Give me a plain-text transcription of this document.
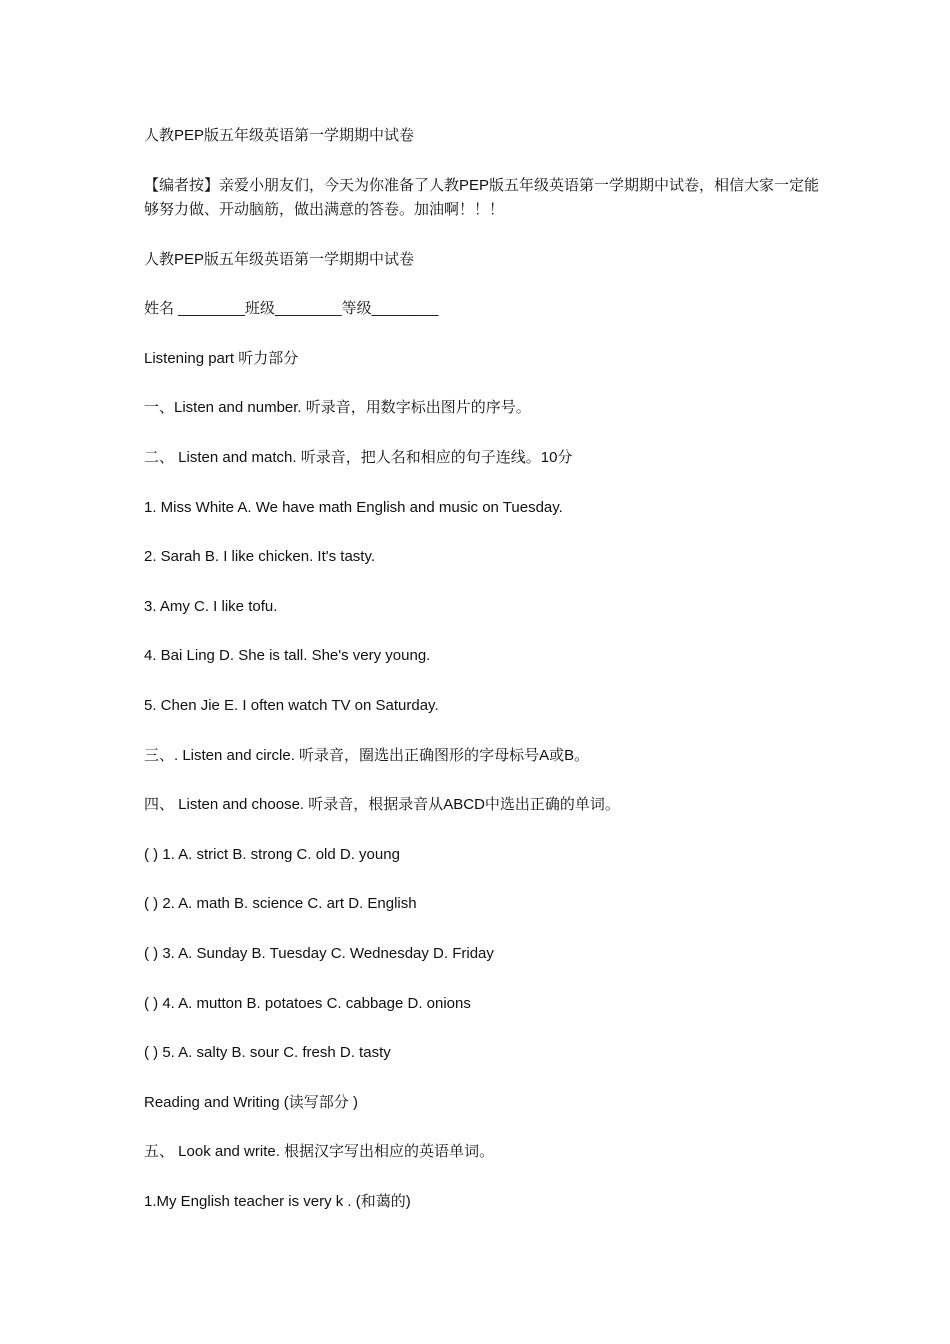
人教PEP版五年级英语第一学期期中试卷

【编者按】亲爱小朋友们，今天为你准备了人教PEP版五年级英语第一学期期中试卷，相信大家一定能够努力做、开动脑筋，做出满意的答卷。加油啊！！！

人教PEP版五年级英语第一学期期中试卷

姓名 ________班级________等级________

Listening part 听力部分

一、Listen and number. 听录音，用数字标出图片的序号。

二、 Listen and match. 听录音，把人名和相应的句子连线。10分

1. Miss White A. We have math English and music on Tuesday.

2. Sarah B. I like chicken. It's tasty.

3. Amy C. I like tofu.

4. Bai Ling D. She is tall. She's very young.

5. Chen Jie E. I often watch TV on Saturday.

三、. Listen and circle. 听录音，圈选出正确图形的字母标号A或B。

四、 Listen and choose. 听录音，根据录音从ABCD中选出正确的单词。

( ) 1. A. strict B. strong C. old D. young

( ) 2. A. math B. science C. art D. English

( ) 3. A. Sunday B. Tuesday C. Wednesday D. Friday

( ) 4. A. mutton B. potatoes C. cabbage D. onions

( ) 5. A. salty B. sour C. fresh D. tasty

Reading and Writing (读写部分 )

五、 Look and write. 根据汉字写出相应的英语单词。

1.My English teacher is very k . (和蔼的)
